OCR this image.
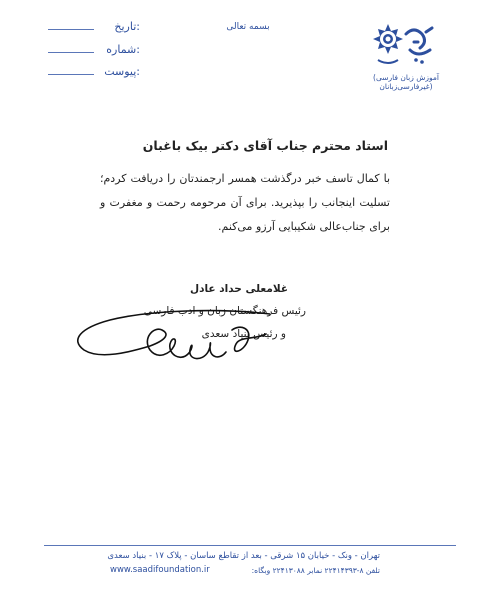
بسمه تعالی
تاریخ:
شماره:
پیوست:	(آموزش زبان فارسی غیرفارسی‌زبانان)
استاد محترم جناب آقای دکتر بیک باغبان
با کمال تاسف خبر درگذشت همسر ارجمندتان را دریافت کردم؛ تسلیت اینجانب را بپذیرید. برای آن مرحومه رحمت و مغفرت و برای جناب‌عالی شکیبایی آرزو می‌کنم.
غلامعلی حداد عادل
رئیس فرهنگستان زبان و ادب فارسی
و رئیس بنیاد سعدی
تهران - ونک - خیابان ۱۵ شرقی - بعد از تقاطع ساسان - پلاک ۱۷ - بنیاد سعدی
تلفن ۸-۲۲۴۱۴۳۹۳ نمابر ۲۲۴۱۳۰۸۸ وبگاه:
www.saadifoundation.ir
